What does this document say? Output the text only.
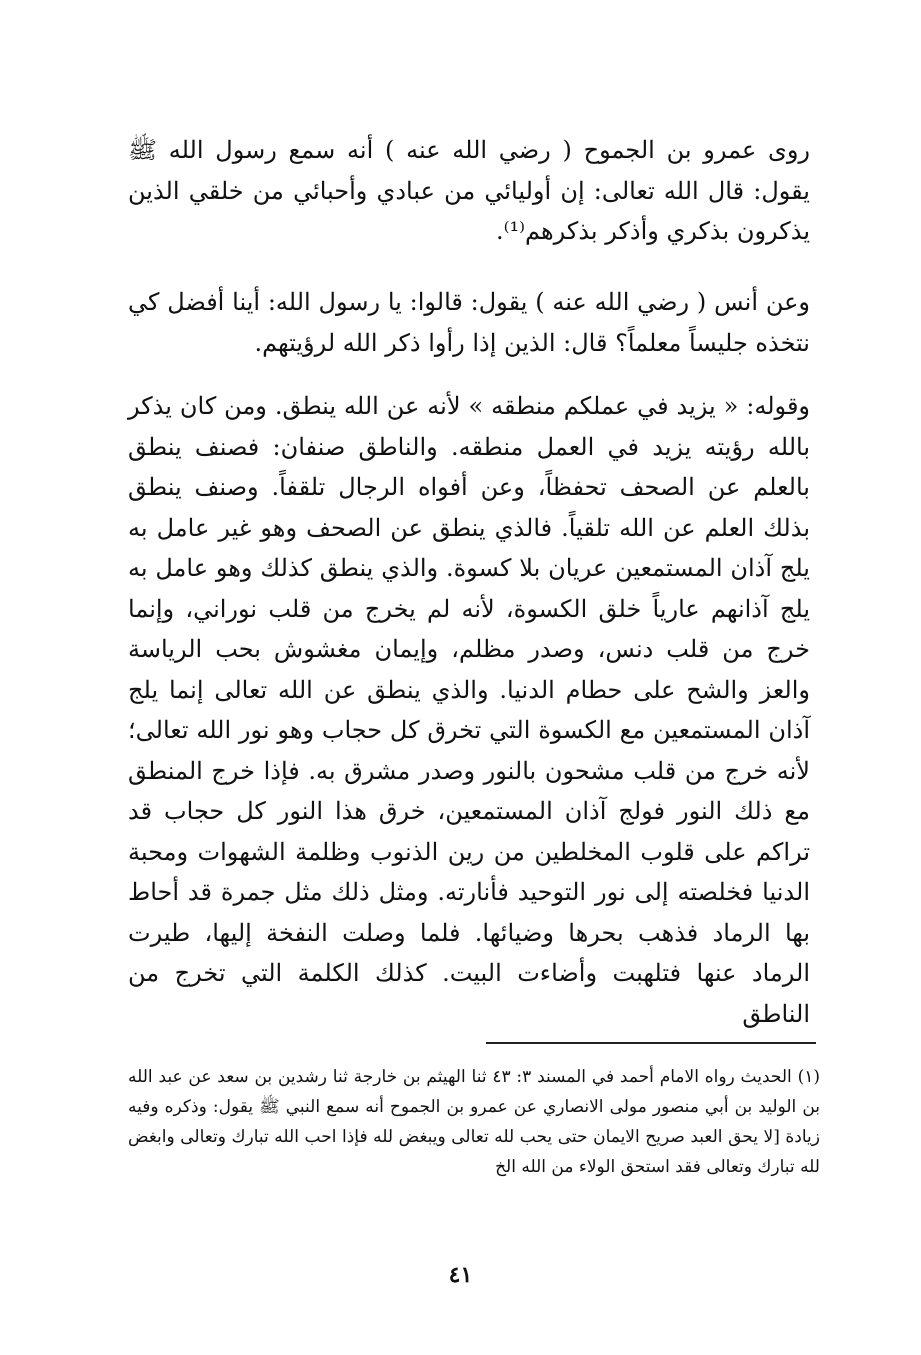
روى عمرو بن الجموح ( رضي الله عنه ) أنه سمع رسول الله ﷺ يقول: قال الله تعالى: إن أوليائي من عبادي وأحبائي من خلقي الذين يذكرون بذكري وأذكر بذكرهم⁽¹⁾.

وعن أنس ( رضي الله عنه ) يقول: قالوا: يا رسول الله: أينا أفضل كي نتخذه جليساً معلماً؟ قال: الذين إذا رأوا ذكر الله لرؤيتهم.

وقوله: « يزيد في عملكم منطقه » لأنه عن الله ينطق. ومن كان يذكر بالله رؤيته يزيد في العمل منطقه. والناطق صنفان: فصنف ينطق بالعلم عن الصحف تحفظاً، وعن أفواه الرجال تلقفاً. وصنف ينطق بذلك العلم عن الله تلقياً. فالذي ينطق عن الصحف وهو غير عامل به يلج آذان المستمعين عريان بلا كسوة. والذي ينطق كذلك وهو عامل به يلج آذانهم عارياً خلق الكسوة، لأنه لم يخرج من قلب نوراني، وإنما خرج من قلب دنس، وصدر مظلم، وإيمان مغشوش بحب الرياسة والعز والشح على حطام الدنيا. والذي ينطق عن الله تعالى إنما يلج آذان المستمعين مع الكسوة التي تخرق كل حجاب وهو نور الله تعالى؛ لأنه خرج من قلب مشحون بالنور وصدر مشرق به. فإذا خرج المنطق مع ذلك النور فولج آذان المستمعين، خرق هذا النور كل حجاب قد تراكم على قلوب المخلطين من رين الذنوب وظلمة الشهوات ومحبة الدنيا فخلصته إلى نور التوحيد فأنارته. ومثل ذلك مثل جمرة قد أحاط بها الرماد فذهب بحرها وضيائها. فلما وصلت النفخة إليها، طيرت الرماد عنها فتلهبت وأضاءت البيت. كذلك الكلمة التي تخرج من الناطق

(١) الحديث رواه الامام أحمد في المسند ٣: ٤٣ ثنا الهيثم بن خارجة ثنا رشدين بن سعد عن عبد الله بن الوليد بن أبي منصور مولى الانصاري عن عمرو بن الجموح أنه سمع النبي ﷺ يقول: وذكره وفيه زيادة [لا يحق العبد صريح الايمان حتى يحب لله تعالى ويبغض لله فإذا احب الله تبارك وتعالى وابغض لله تبارك وتعالى فقد استحق الولاء من الله الخ

٤١
